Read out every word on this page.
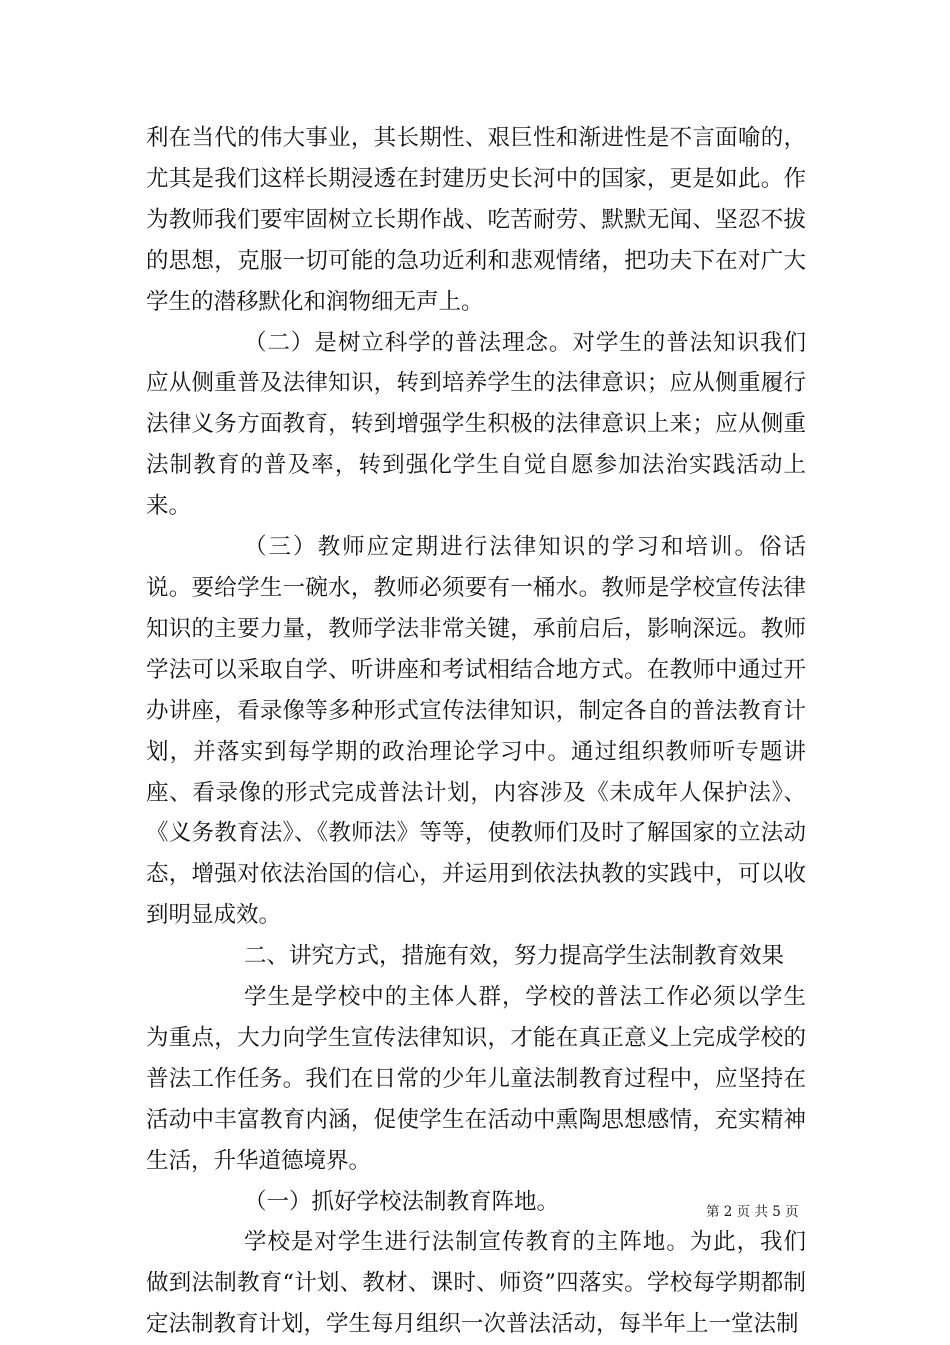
利在当代的伟大事业，其长期性、艰巨性和渐进性是不言面喻的，尤其是我们这样长期浸透在封建历史长河中的国家，更是如此。作为教师我们要牢固树立长期作战、吃苦耐劳、默默无闻、坚忍不拔的思想，克服一切可能的急功近利和悲观情绪，把功夫下在对广大学生的潜移默化和润物细无声上。

（二）是树立科学的普法理念。对学生的普法知识我们应从侧重普及法律知识，转到培养学生的法律意识；应从侧重履行法律义务方面教育，转到增强学生积极的法律意识上来；应从侧重法制教育的普及率，转到强化学生自觉自愿参加法治实践活动上来。

（三）教师应定期进行法律知识的学习和培训。俗话说。要给学生一碗水，教师必须要有一桶水。教师是学校宣传法律知识的主要力量，教师学法非常关键，承前启后，影响深远。教师学法可以采取自学、听讲座和考试相结合地方式。在教师中通过开办讲座，看录像等多种形式宣传法律知识，制定各自的普法教育计划，并落实到每学期的政治理论学习中。通过组织教师听专题讲座、看录像的形式完成普法计划，内容涉及《未成年人保护法》、《义务教育法》、《教师法》等等，使教师们及时了解国家的立法动态，增强对依法治国的信心，并运用到依法执教的实践中，可以收到明显成效。

二、讲究方式，措施有效，努力提高学生法制教育效果

学生是学校中的主体人群，学校的普法工作必须以学生为重点，大力向学生宣传法律知识，才能在真正意义上完成学校的普法工作任务。我们在日常的少年儿童法制教育过程中，应坚持在活动中丰富教育内涵，促使学生在活动中熏陶思想感情，充实精神生活，升华道德境界。

（一）抓好学校法制教育阵地。

学校是对学生进行法制宣传教育的主阵地。为此，我们做到法制教育“计划、教材、课时、师资”四落实。学校每学期都制定法制教育计划，学生每月组织一次普法活动，每半年上一堂法制

第 2 页 共 5 页
